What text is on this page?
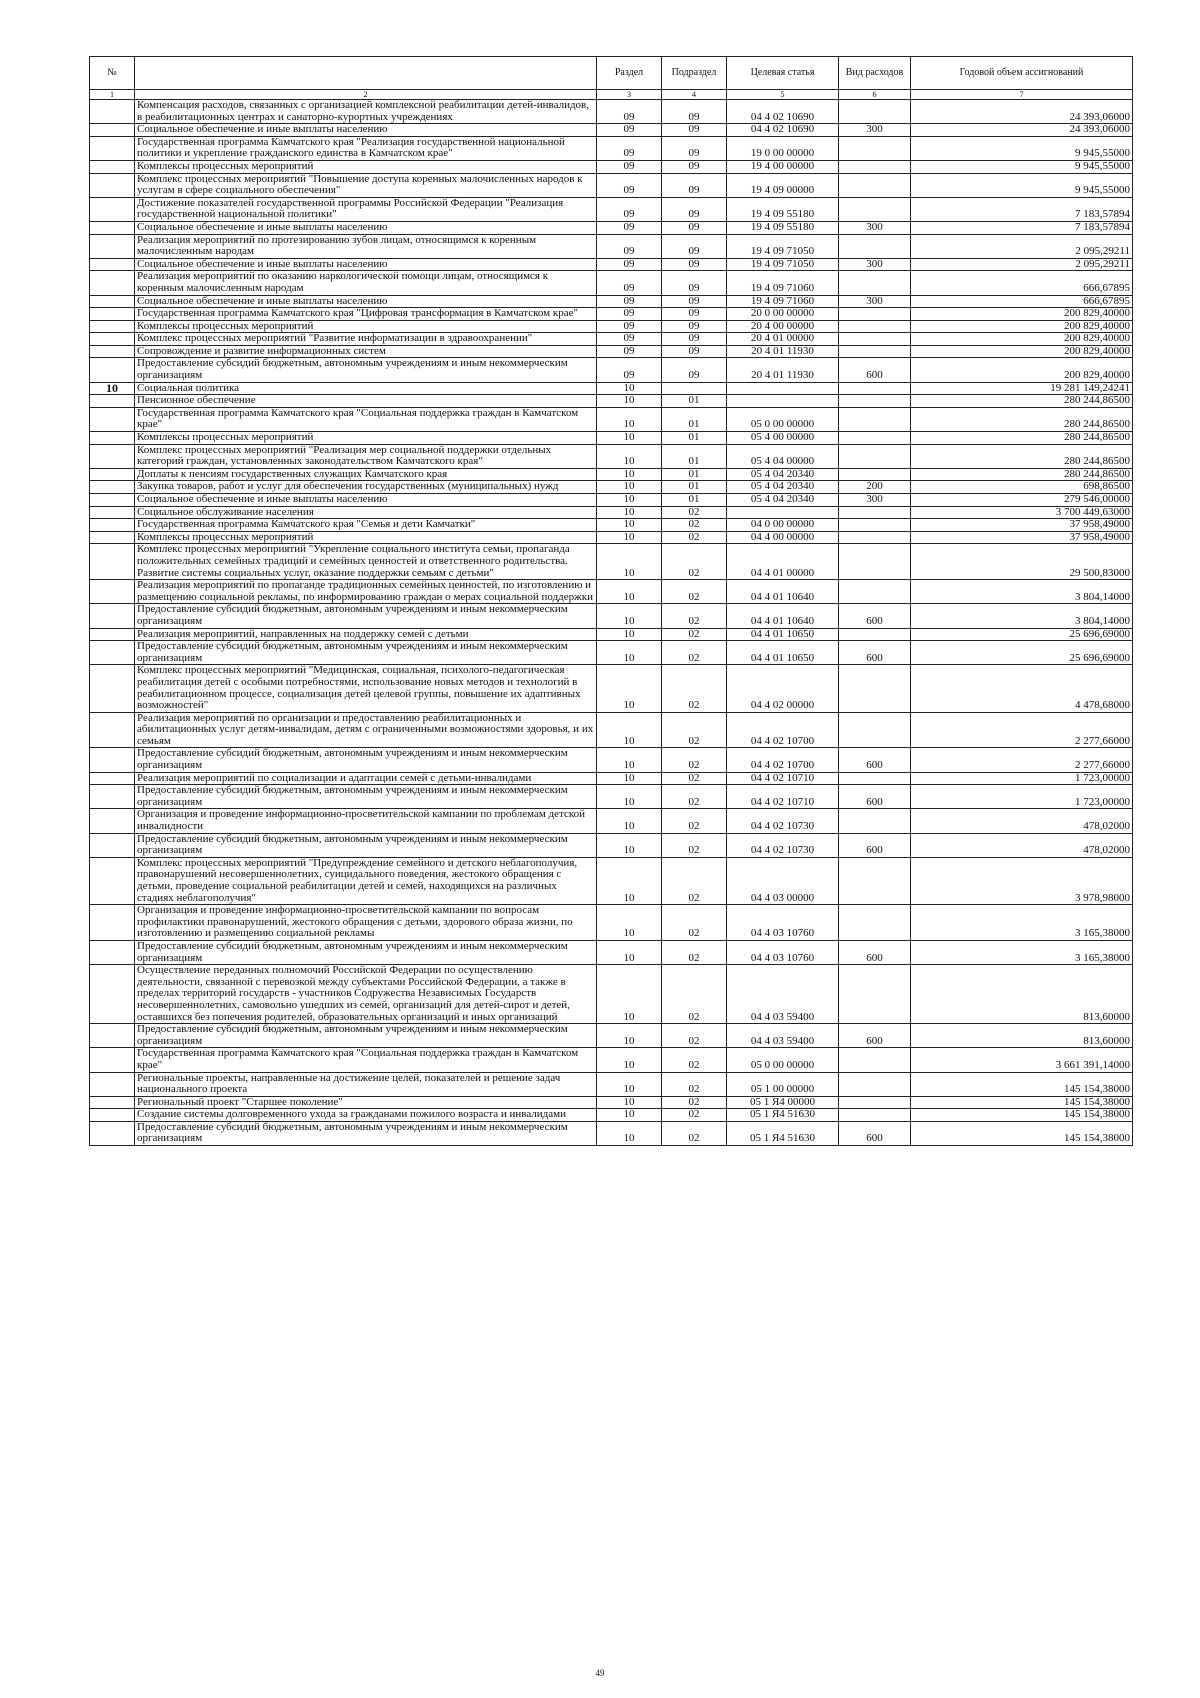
№		Раздел	Подраздел	Целевая статья	Вид расходов	Годовой объем ассигнований
1	2	3	4	5	6	7
	Компенсация расходов, связанных с организацией комплексной реабилитации детей-инвалидов, в реабилитационных центрах и санаторно-курортных учреждениях	09	09	04 4 02 10690		24 393,06000
	Социальное обеспечение и иные выплаты населению	09	09	04 4 02 10690	300	24 393,06000
	Государственная программа Камчатского края "Реализация государственной национальной политики и укрепление гражданского единства в Камчатском крае"	09	09	19 0 00 00000		9 945,55000
	Комплексы процессных мероприятий	09	09	19 4 00 00000		9 945,55000
	Комплекс процессных мероприятий "Повышение доступа коренных малочисленных народов к услугам в сфере социального обеспечения"	09	09	19 4 09 00000		9 945,55000
	Достижение показателей государственной программы Российской Федерации "Реализация государственной национальной политики"	09	09	19 4 09 55180		7 183,57894
	Социальное обеспечение и иные выплаты населению	09	09	19 4 09 55180	300	7 183,57894
	Реализация мероприятий по протезированию зубов лицам, относящимся к коренным малочисленным народам	09	09	19 4 09 71050		2 095,29211
	Социальное обеспечение и иные выплаты населению	09	09	19 4 09 71050	300	2 095,29211
	Реализация мероприятий по оказанию наркологической помощи лицам, относящимся к коренным малочисленным народам	09	09	19 4 09 71060		666,67895
	Социальное обеспечение и иные выплаты населению	09	09	19 4 09 71060	300	666,67895
	Государственная программа Камчатского края "Цифровая трансформация в Камчатском крае"	09	09	20 0 00 00000		200 829,40000
	Комплексы процессных мероприятий	09	09	20 4 00 00000		200 829,40000
	Комплекс процессных мероприятий "Развитие информатизации в здравоохранении"	09	09	20 4 01 00000		200 829,40000
	Сопровождение и развитие информационных систем	09	09	20 4 01 11930		200 829,40000
	Предоставление субсидий бюджетным, автономным учреждениям и иным некоммерческим организациям	09	09	20 4 01 11930	600	200 829,40000
10	Социальная политика	10				19 281 149,24241
	Пенсионное обеспечение	10	01			280 244,86500
	Государственная программа Камчатского края "Социальная поддержка граждан в Камчатском крае"	10	01	05 0 00 00000		280 244,86500
	Комплексы процессных мероприятий	10	01	05 4 00 00000		280 244,86500
	Комплекс процессных мероприятий "Реализация мер социальной поддержки отдельных категорий граждан, установленных законодательством Камчатского края"	10	01	05 4 04 00000		280 244,86500
	Доплаты к пенсиям государственных служащих Камчатского края	10	01	05 4 04 20340		280 244,86500
	Закупка товаров, работ и услуг для обеспечения государственных (муниципальных) нужд	10	01	05 4 04 20340	200	698,86500
	Социальное обеспечение и иные выплаты населению	10	01	05 4 04 20340	300	279 546,00000
	Социальное обслуживание населения	10	02			3 700 449,63000
	Государственная программа Камчатского края "Семья и дети Камчатки"	10	02	04 0 00 00000		37 958,49000
	Комплексы процессных мероприятий	10	02	04 4 00 00000		37 958,49000
	Комплекс процессных мероприятий "Укрепление социального института семьи, пропаганда положительных семейных традиций и семейных ценностей и ответственного родительства. Развитие системы социальных услуг, оказание поддержки семьям с детьми"	10	02	04 4 01 00000		29 500,83000
	Реализация мероприятий по пропаганде традиционных семейных ценностей, по изготовлению и размещению социальной рекламы, по информированию граждан о мерах социальной поддержки	10	02	04 4 01 10640		3 804,14000
	Предоставление субсидий бюджетным, автономным учреждениям и иным некоммерческим организациям	10	02	04 4 01 10640	600	3 804,14000
	Реализация мероприятий, направленных на поддержку семей с детьми	10	02	04 4 01 10650		25 696,69000
	Предоставление субсидий бюджетным, автономным учреждениям и иным некоммерческим организациям	10	02	04 4 01 10650	600	25 696,69000
	Комплекс процессных мероприятий "Медицинская, социальная, психолого-педагогическая реабилитация детей с особыми потребностями, использование новых методов и технологий в реабилитационном процессе, социализация детей целевой группы, повышение их адаптивных возможностей"	10	02	04 4 02 00000		4 478,68000
	Реализация мероприятий по организации и предоставлению реабилитационных и абилитационных услуг детям-инвалидам, детям с ограниченными возможностями здоровья, и их семьям	10	02	04 4 02 10700		2 277,66000
	Предоставление субсидий бюджетным, автономным учреждениям и иным некоммерческим организациям	10	02	04 4 02 10700	600	2 277,66000
	Реализация мероприятий по социализации и адаптации семей с детьми-инвалидами	10	02	04 4 02 10710		1 723,00000
	Предоставление субсидий бюджетным, автономным учреждениям и иным некоммерческим организациям	10	02	04 4 02 10710	600	1 723,00000
	Организация и проведение информационно-просветительской кампании по проблемам детской инвалидности	10	02	04 4 02 10730		478,02000
	Предоставление субсидий бюджетным, автономным учреждениям и иным некоммерческим организациям	10	02	04 4 02 10730	600	478,02000
	Комплекс процессных мероприятий "Предупреждение семейного и детского неблагополучия, правонарушений несовершеннолетних, суицидального поведения, жестокого обращения с детьми, проведение социальной реабилитации детей и семей, находящихся на различных стадиях неблагополучия"	10	02	04 4 03 00000		3 978,98000
	Организация и проведение информационно-просветительской кампании по вопросам профилактики правонарушений, жестокого обращения с детьми, здорового образа жизни, по изготовлению и размещению социальной рекламы	10	02	04 4 03 10760		3 165,38000
	Предоставление субсидий бюджетным, автономным учреждениям и иным некоммерческим организациям	10	02	04 4 03 10760	600	3 165,38000
	Осуществление переданных полномочий Российской Федерации по осуществлению деятельности, связанной с перевозкой между субъектами Российской Федерации, а также в пределах территорий государств - участников Содружества Независимых Государств несовершеннолетних, самовольно ушедших из семей, организаций для детей-сирот и детей, оставшихся без попечения родителей, образовательных организаций и иных организаций	10	02	04 4 03 59400		813,60000
	Предоставление субсидий бюджетным, автономным учреждениям и иным некоммерческим организациям	10	02	04 4 03 59400	600	813,60000
	Государственная программа Камчатского края "Социальная поддержка граждан в Камчатском крае"	10	02	05 0 00 00000		3 661 391,14000
	Региональные проекты, направленные на достижение целей, показателей и решение задач национального проекта	10	02	05 1 00 00000		145 154,38000
	Региональный проект "Старшее поколение"	10	02	05 1 Я4 00000		145 154,38000
	Создание системы долговременного ухода за гражданами пожилого возраста и инвалидами	10	02	05 1 Я4 51630		145 154,38000
	Предоставление субсидий бюджетным, автономным учреждениям и иным некоммерческим организациям	10	02	05 1 Я4 51630	600	145 154,38000
49
